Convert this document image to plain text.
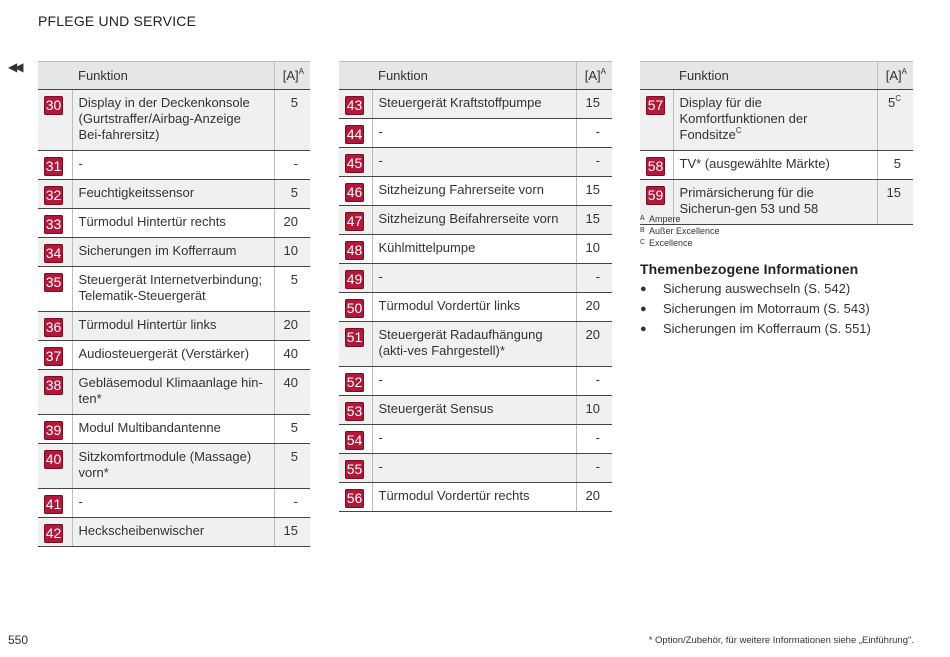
PFLEGE UND SERVICE
◀◀
	Funktion	[A]$^A$
30	Display in der Deckenkonsole (Gurtstraffer/Airbag-Anzeige Bei-fahrersitz)	5
31	-	-
32	Feuchtigkeitssensor	5
33	Türmodul Hintertür rechts	20
34	Sicherungen im Kofferraum	10
35	Steuergerät Internetverbindung; Telematik-Steuergerät	5
36	Türmodul Hintertür links	20
37	Audiosteuergerät (Verstärker)	40
38	Gebläsemodul Klimaanlage hin-ten*	40
39	Modul Multibandantenne	5
40	Sitzkomfortmodule (Massage) vorn*	5
41	-	-
42	Heckscheibenwischer	15
	Funktion	[A]$^A$
43	Steuergerät Kraftstoffpumpe	15
44	-	-
45	-	-
46	Sitzheizung Fahrerseite vorn	15
47	Sitzheizung Beifahrerseite vorn	15
48	Kühlmittelpumpe	10
49	-	-
50	Türmodul Vordertür links	20
51	Steuergerät Radaufhängung (akti-ves Fahrgestell)*	20
52	-	-
53	Steuergerät Sensus	10
54	-	-
55	-	-
56	Türmodul Vordertür rechts	20
	Funktion	[A]$^A$
57	Display für die Komfortfunktionen der Fondsitze$^C$	5$^C$
58	TV* (ausgewählte Märkte)	5
59	Primärsicherung für die Sicherun-gen 53 und 58	15
A Ampere
B Außer Excellence
C Excellence
Themenbezogene Informationen
●	Sicherung auswechseln (S. 542)
●	Sicherungen im Motorraum (S. 543)
●	Sicherungen im Kofferraum (S. 551)
550	* Option/Zubehör, für weitere Informationen siehe „Einführung".
